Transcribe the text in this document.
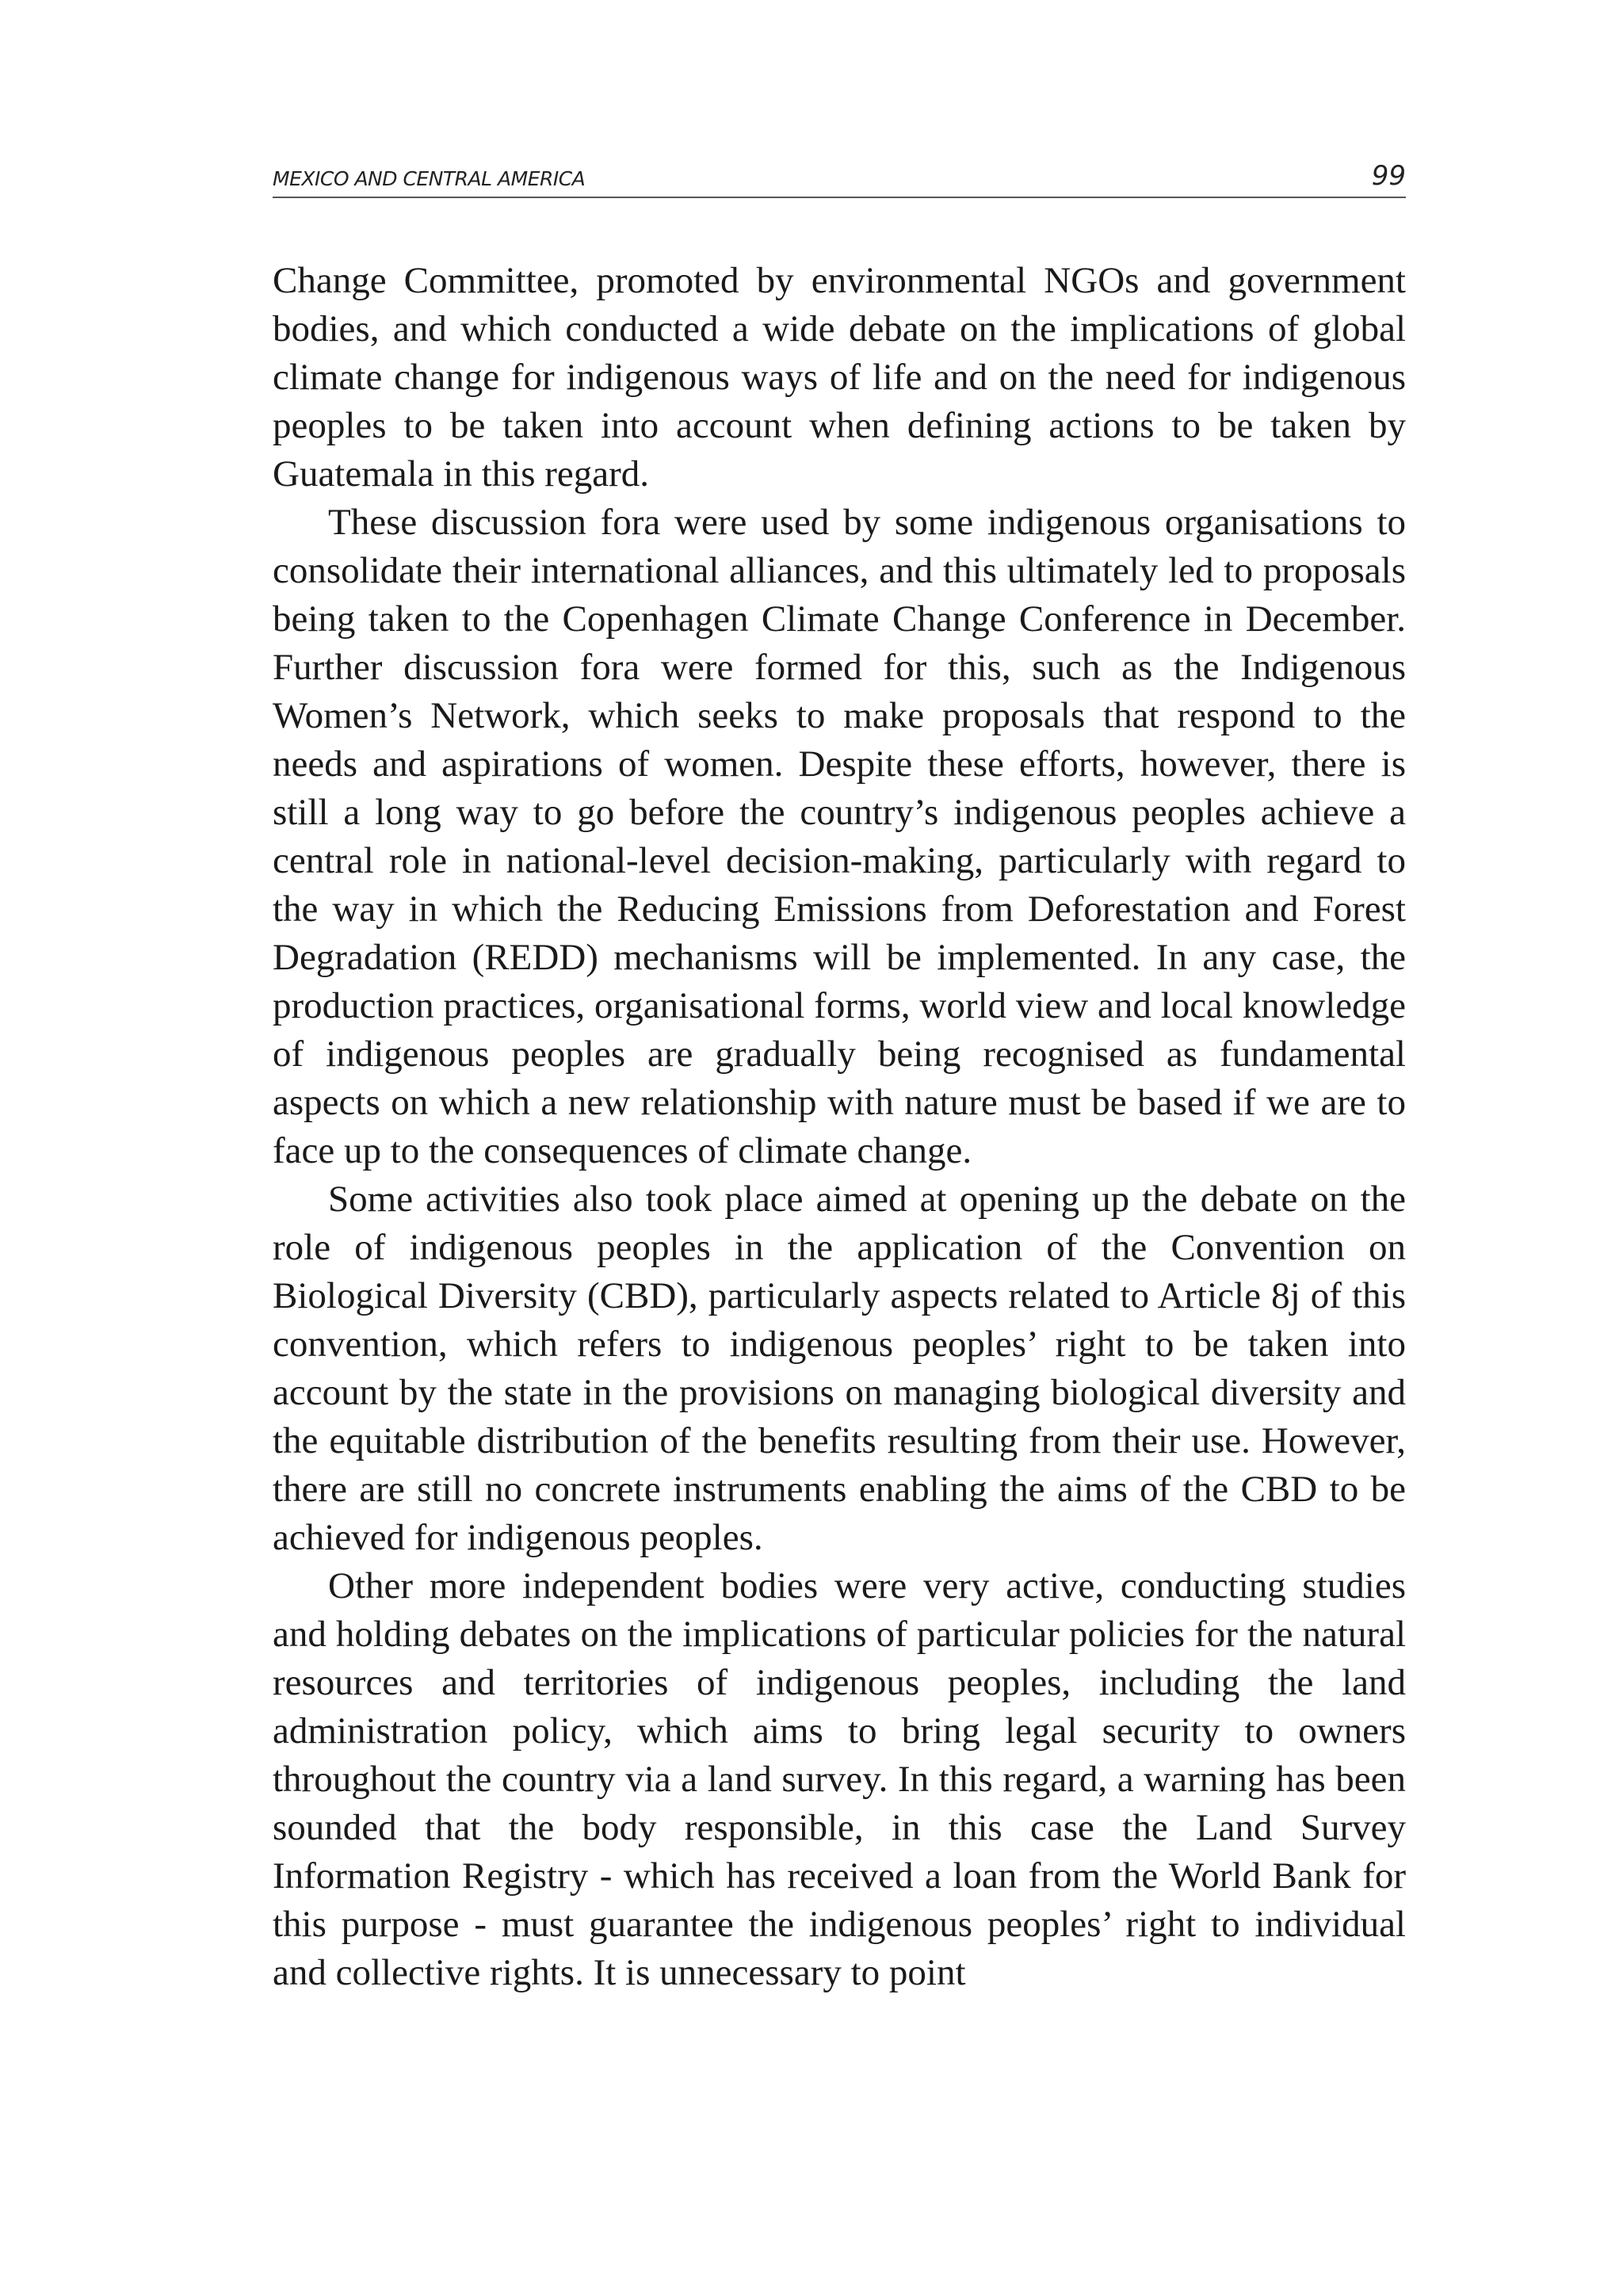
MEXICO AND CENTRAL AMERICA	99

Change Committee, promoted by environmental NGOs and government bodies, and which conducted a wide debate on the implications of global climate change for indigenous ways of life and on the need for indigenous peoples to be taken into account when defining actions to be taken by Guatemala in this regard.

These discussion fora were used by some indigenous organisations to consolidate their international alliances, and this ultimately led to proposals being taken to the Copenhagen Climate Change Conference in December. Further discussion fora were formed for this, such as the Indigenous Women’s Network, which seeks to make proposals that respond to the needs and aspirations of women. Despite these efforts, however, there is still a long way to go before the country’s indigenous peoples achieve a central role in national-level decision-making, particularly with regard to the way in which the Reducing Emissions from Deforestation and Forest Degradation (REDD) mechanisms will be implemented. In any case, the production practices, organisational forms, world view and local knowledge of indigenous peoples are gradually being recognised as fundamental aspects on which a new relationship with nature must be based if we are to face up to the consequences of climate change.

Some activities also took place aimed at opening up the debate on the role of indigenous peoples in the application of the Convention on Biological Diversity (CBD), particularly aspects related to Article 8j of this convention, which refers to indigenous peoples’ right to be taken into account by the state in the provisions on managing biological diversity and the equitable distribution of the benefits resulting from their use. However, there are still no concrete instruments enabling the aims of the CBD to be achieved for indigenous peoples.

Other more independent bodies were very active, conducting studies and holding debates on the implications of particular policies for the natural resources and territories of indigenous peoples, including the land administration policy, which aims to bring legal security to owners throughout the country via a land survey. In this regard, a warning has been sounded that the body responsible, in this case the Land Survey Information Registry - which has received a loan from the World Bank for this purpose - must guarantee the indigenous peoples’ right to individual and collective rights. It is unnecessary to point
